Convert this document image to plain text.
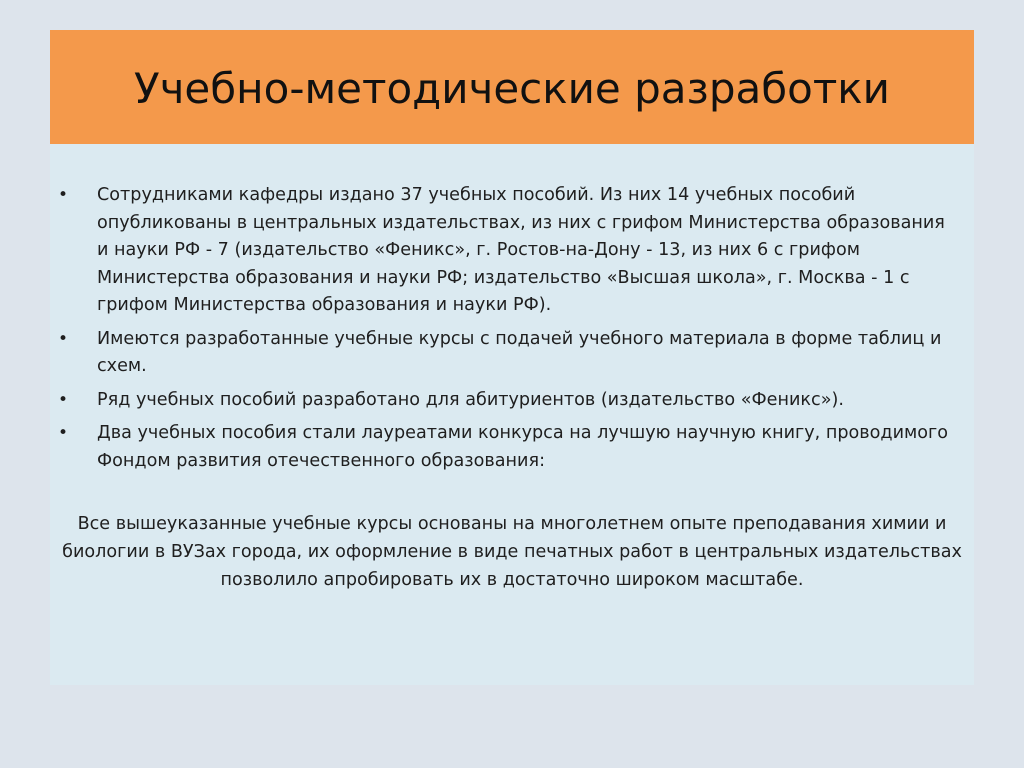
Учебно-методические разработки
• Сотрудниками кафедры издано 37 учебных пособий. Из них 14 учебных пособий опубликованы в центральных издательствах, из них с грифом Министерства образования и науки РФ - 7 (издательство «Феникс», г. Ростов-на-Дону - 13, из них 6 с грифом Министерства образования и науки РФ; издательство «Высшая школа», г. Москва - 1 с грифом Министерства образования и науки РФ).
• Имеются разработанные учебные курсы с подачей учебного материала в форме таблиц и схем.
• Ряд учебных пособий разработано для абитуриентов (издательство «Феникс»).
• Два учебных пособия стали лауреатами конкурса на лучшую научную книгу, проводимого Фондом развития отечественного образования:
Все вышеуказанные учебные курсы основаны на многолетнем опыте преподавания химии и биологии в ВУЗах города, их оформление в виде печатных работ в центральных издательствах позволило апробировать их в достаточно широком масштабе.
